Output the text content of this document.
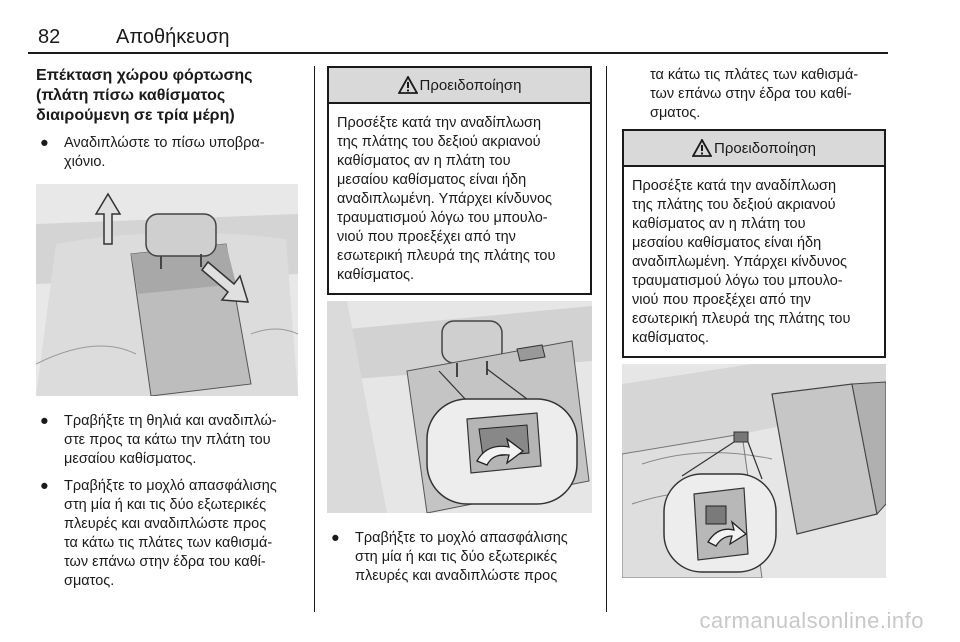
82	Αποθήκευση
Επέκταση χώρου φόρτωσης
(πλάτη πίσω καθίσματος
διαιρούμενη σε τρία μέρη)

● Αναδιπλώστε το πίσω υποβρα-
χιόνιο.

● Τραβήξτε τη θηλιά και αναδιπλώ-
στε προς τα κάτω την πλάτη του
μεσαίου καθίσματος.

● Τραβήξτε το μοχλό απασφάλισης
στη μία ή και τις δύο εξωτερικές
πλευρές και αναδιπλώστε προς
τα κάτω τις πλάτες των καθισμά-
των επάνω στην έδρα του καθί-
σματος.

Προειδοποίηση
Προσέξτε κατά την αναδίπλωση
της πλάτης του δεξιού ακριανού
καθίσματος αν η πλάτη του
μεσαίου καθίσματος είναι ήδη
αναδιπλωμένη. Υπάρχει κίνδυνος
τραυματισμού λόγω του μπουλο-
νιού που προεξέχει από την
εσωτερική πλευρά της πλάτης του
καθίσματος.

● Τραβήξτε το μοχλό απασφάλισης
στη μία ή και τις δύο εξωτερικές
πλευρές και αναδιπλώστε προς

τα κάτω τις πλάτες των καθισμά-
των επάνω στην έδρα του καθί-
σματος.

Προειδοποίηση
Προσέξτε κατά την αναδίπλωση
της πλάτης του δεξιού ακριανού
καθίσματος αν η πλάτη του
μεσαίου καθίσματος είναι ήδη
αναδιπλωμένη. Υπάρχει κίνδυνος
τραυματισμού λόγω του μπουλο-
νιού που προεξέχει από την
εσωτερική πλευρά της πλάτης του
καθίσματος.
carmanualsonline.info
